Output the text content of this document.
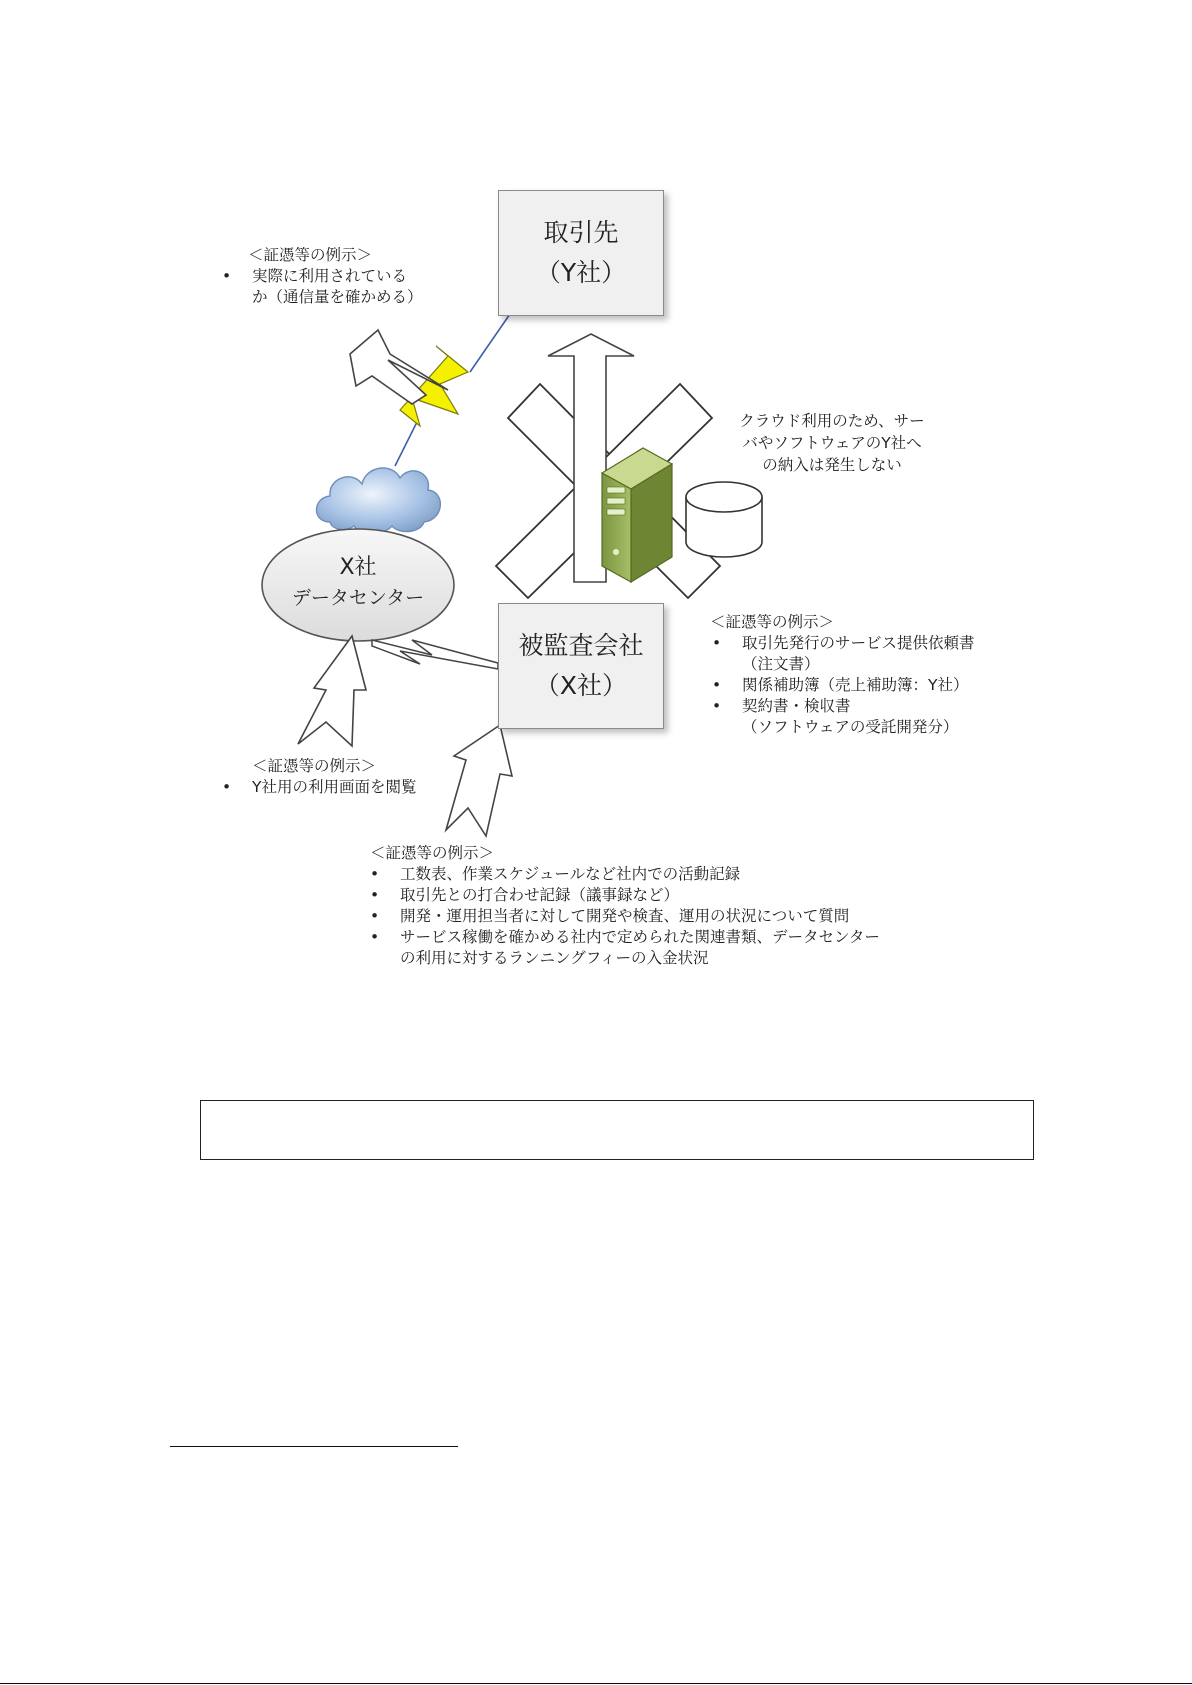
取引先
（Y社）
被監査会社
（X社）
X社
データセンター
クラウド利用のため、サー
バやソフトウェアのY社へ
の納入は発生しない
＜証憑等の例示＞
• 実際に利用されている
か（通信量を確かめる）
＜証憑等の例示＞
• 取引先発行のサービス提供依頼書
（注文書）
• 関係補助簿（売上補助簿：Y社）
• 契約書・検収書
（ソフトウェアの受託開発分）
＜証憑等の例示＞
• Y社用の利用画面を閲覧
＜証憑等の例示＞
• 工数表、作業スケジュールなど社内での活動記録
• 取引先との打合わせ記録（議事録など）
• 開発・運用担当者に対して開発や検査、運用の状況について質問
• サービス稼働を確かめる社内で定められた関連書類、データセンター
の利用に対するランニングフィーの入金状況
